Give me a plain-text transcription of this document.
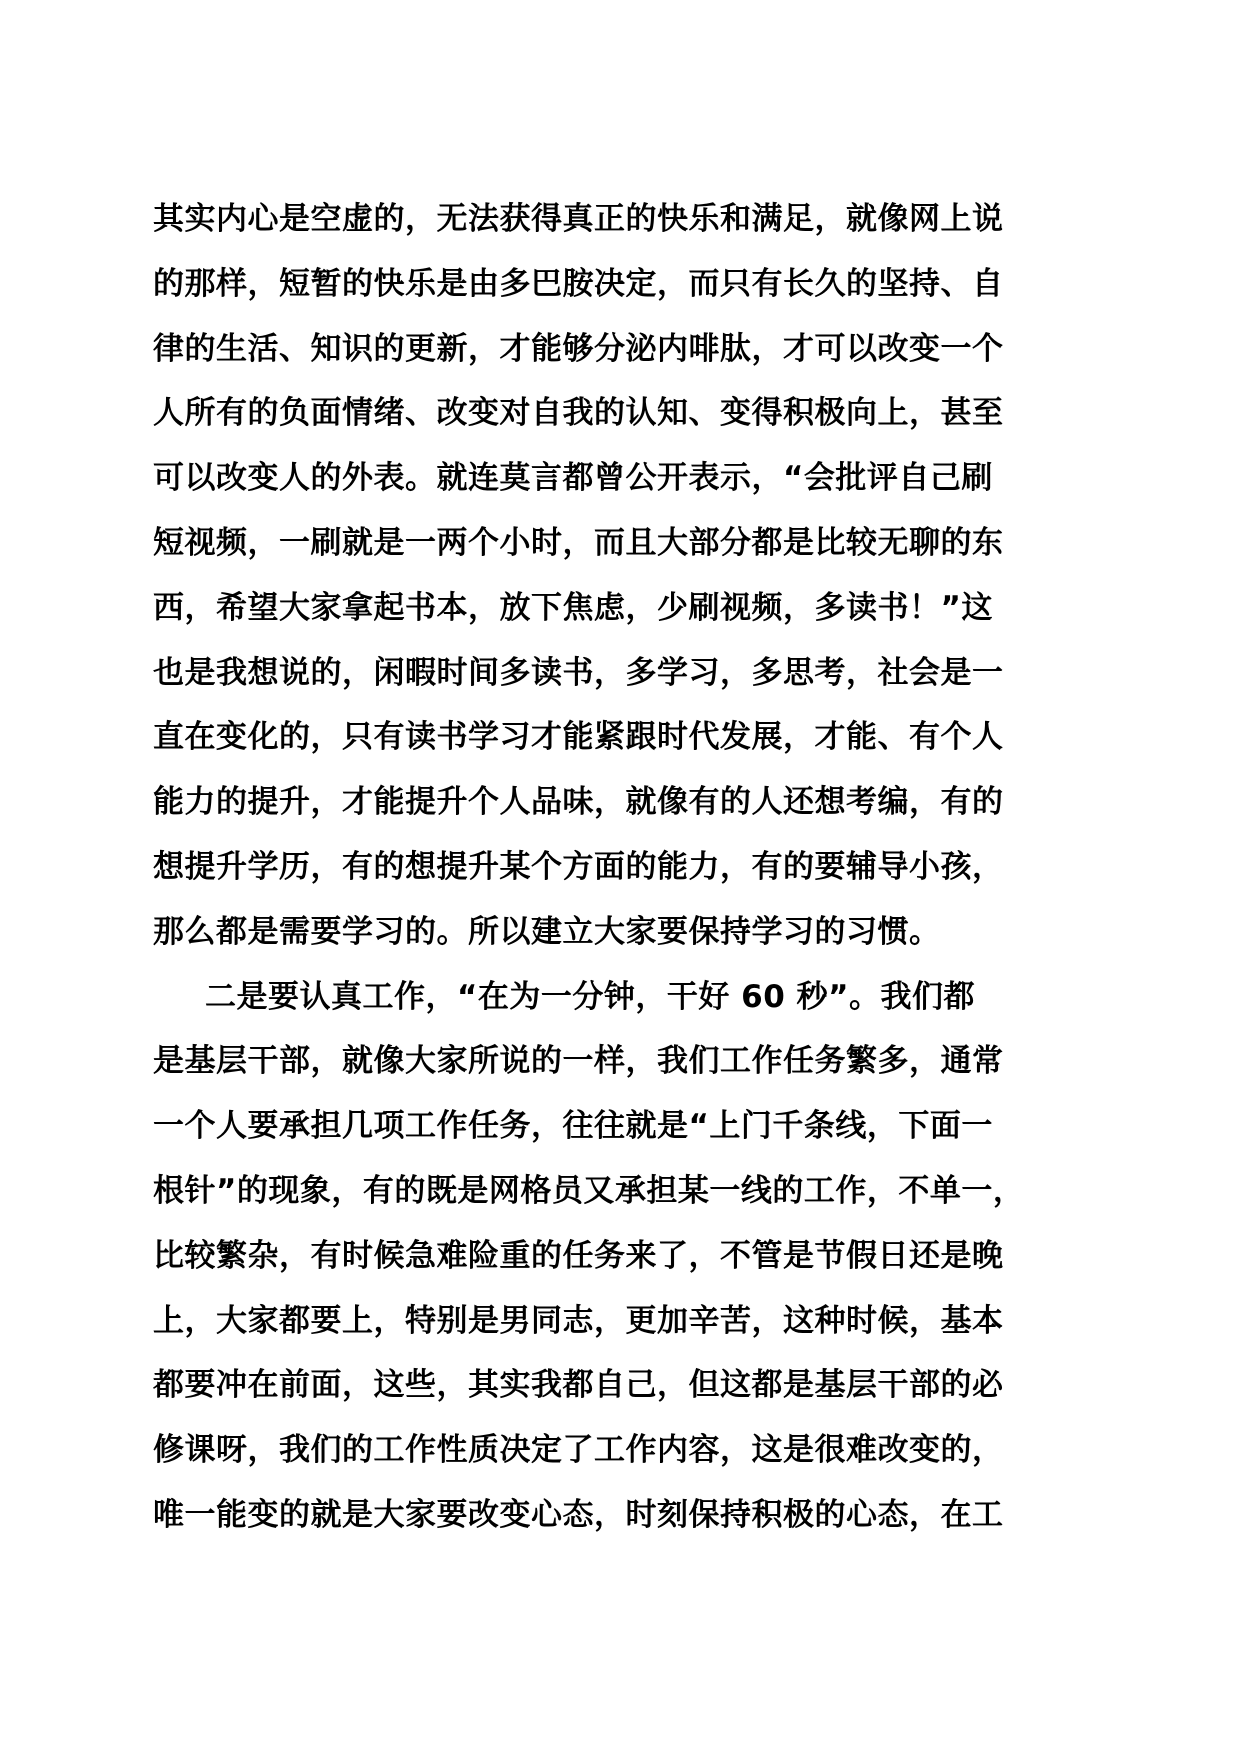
其实内心是空虚的，无法获得真正的快乐和满足，就像网上说
的那样，短暂的快乐是由多巴胺决定，而只有长久的坚持、自
律的生活、知识的更新，才能够分泌内啡肽，才可以改变一个
人所有的负面情绪、改变对自我的认知、变得积极向上，甚至
可以改变人的外表。就连莫言都曾公开表示，“会批评自己刷
短视频，一刷就是一两个小时，而且大部分都是比较无聊的东
西，希望大家拿起书本，放下焦虑，少刷视频，多读书！”这
也是我想说的，闲暇时间多读书，多学习，多思考，社会是一
直在变化的，只有读书学习才能紧跟时代发展，才能、有个人
能力的提升，才能提升个人品味，就像有的人还想考编，有的
想提升学历，有的想提升某个方面的能力，有的要辅导小孩，
那么都是需要学习的。所以建立大家要保持学习的习惯。
二是要认真工作，“在为一分钟，干好 60 秒”。我们都
是基层干部，就像大家所说的一样，我们工作任务繁多，通常
一个人要承担几项工作任务，往往就是“上门千条线，下面一
根针”的现象，有的既是网格员又承担某一线的工作，不单一，
比较繁杂，有时候急难险重的任务来了，不管是节假日还是晚
上，大家都要上，特别是男同志，更加辛苦，这种时候，基本
都要冲在前面，这些，其实我都自己，但这都是基层干部的必
修课呀，我们的工作性质决定了工作内容，这是很难改变的，
唯一能变的就是大家要改变心态，时刻保持积极的心态，在工
